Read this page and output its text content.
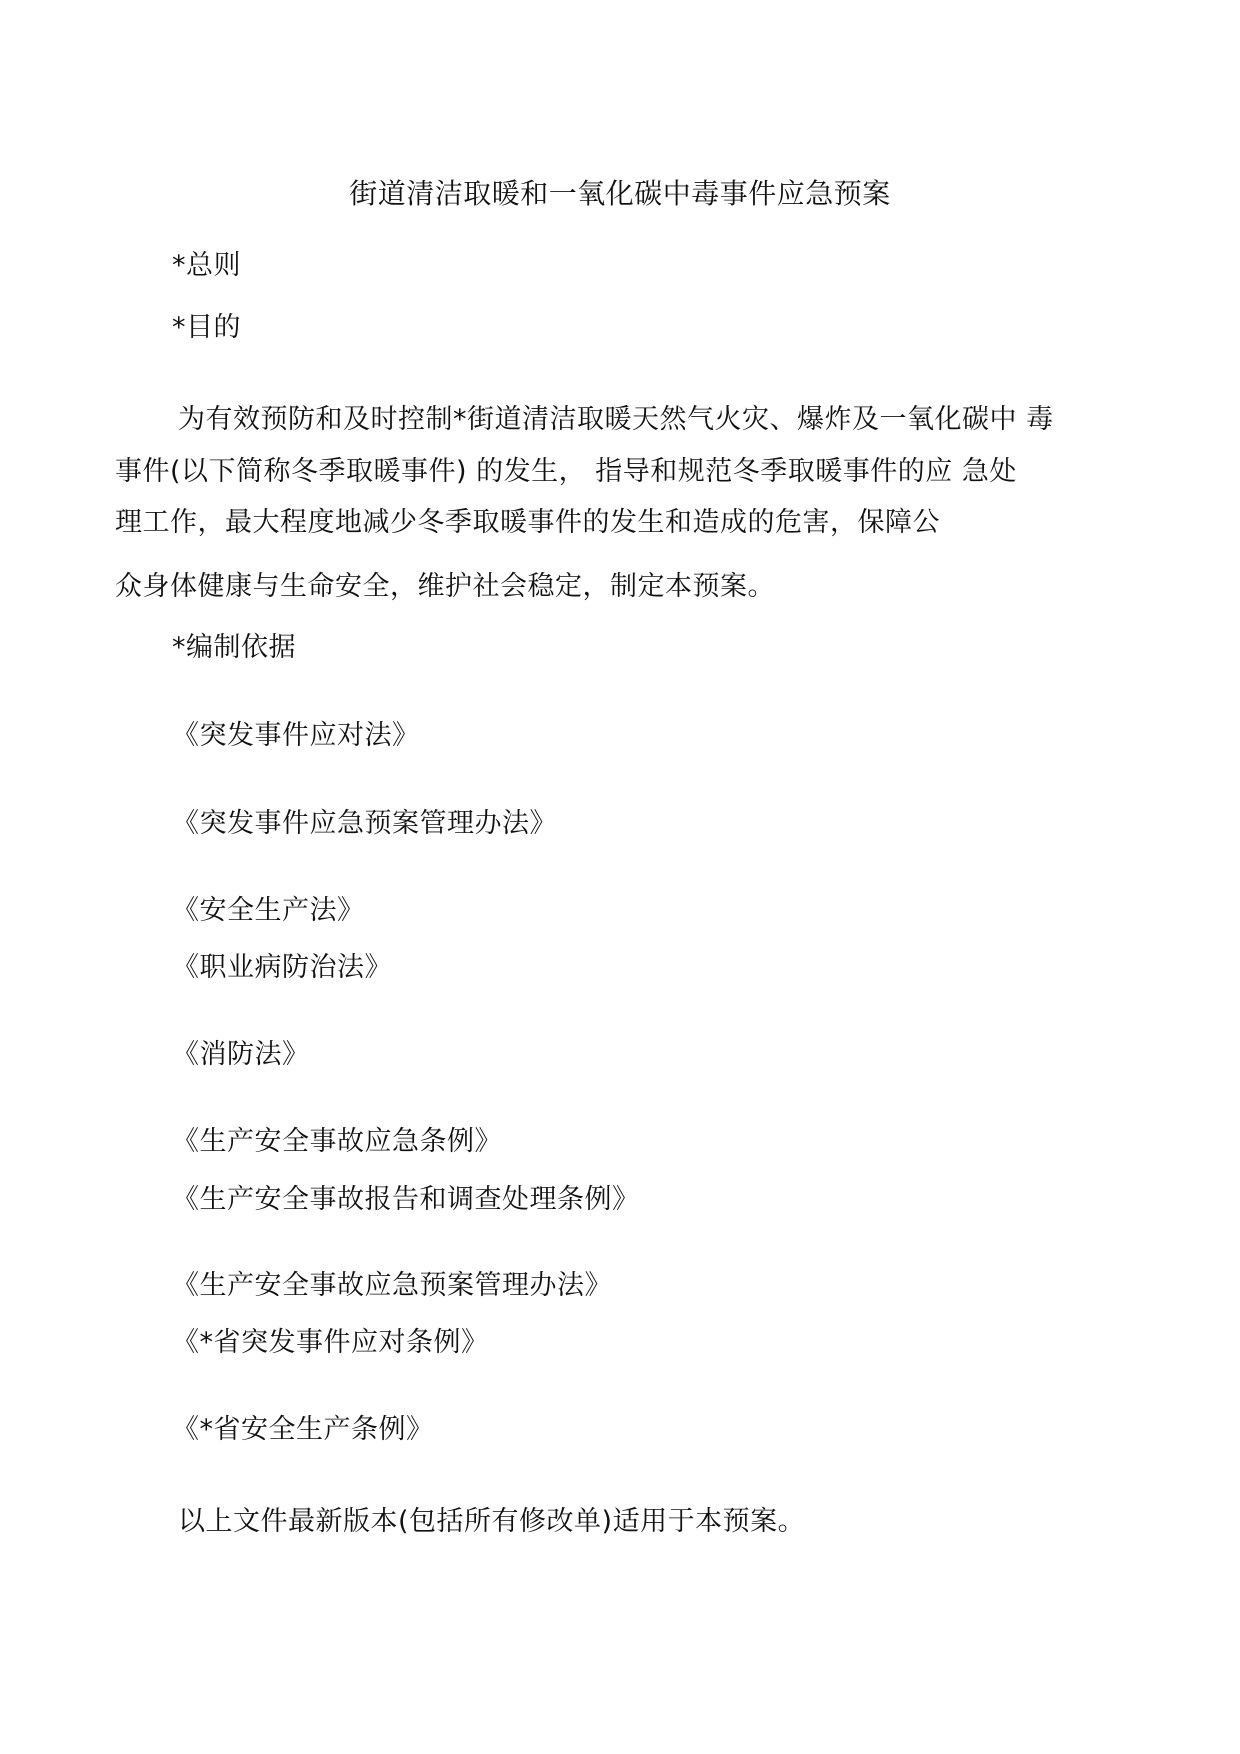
街道清洁取暖和一氧化碳中毒事件应急预案
*总则
*目的
为有效预防和及时控制*街道清洁取暖天然气火灾、爆炸及一氧化碳中 毒
事件(以下简称冬季取暖事件) 的发生， 指导和规范冬季取暖事件的应 急处
理工作，最大程度地减少冬季取暖事件的发生和造成的危害，保障公
众身体健康与生命安全，维护社会稳定，制定本预案。
*编制依据
《突发事件应对法》
《突发事件应急预案管理办法》
《安全生产法》
《职业病防治法》
《消防法》
《生产安全事故应急条例》
《生产安全事故报告和调查处理条例》
《生产安全事故应急预案管理办法》
《*省突发事件应对条例》
《*省安全生产条例》
以上文件最新版本(包括所有修改单)适用于本预案。
